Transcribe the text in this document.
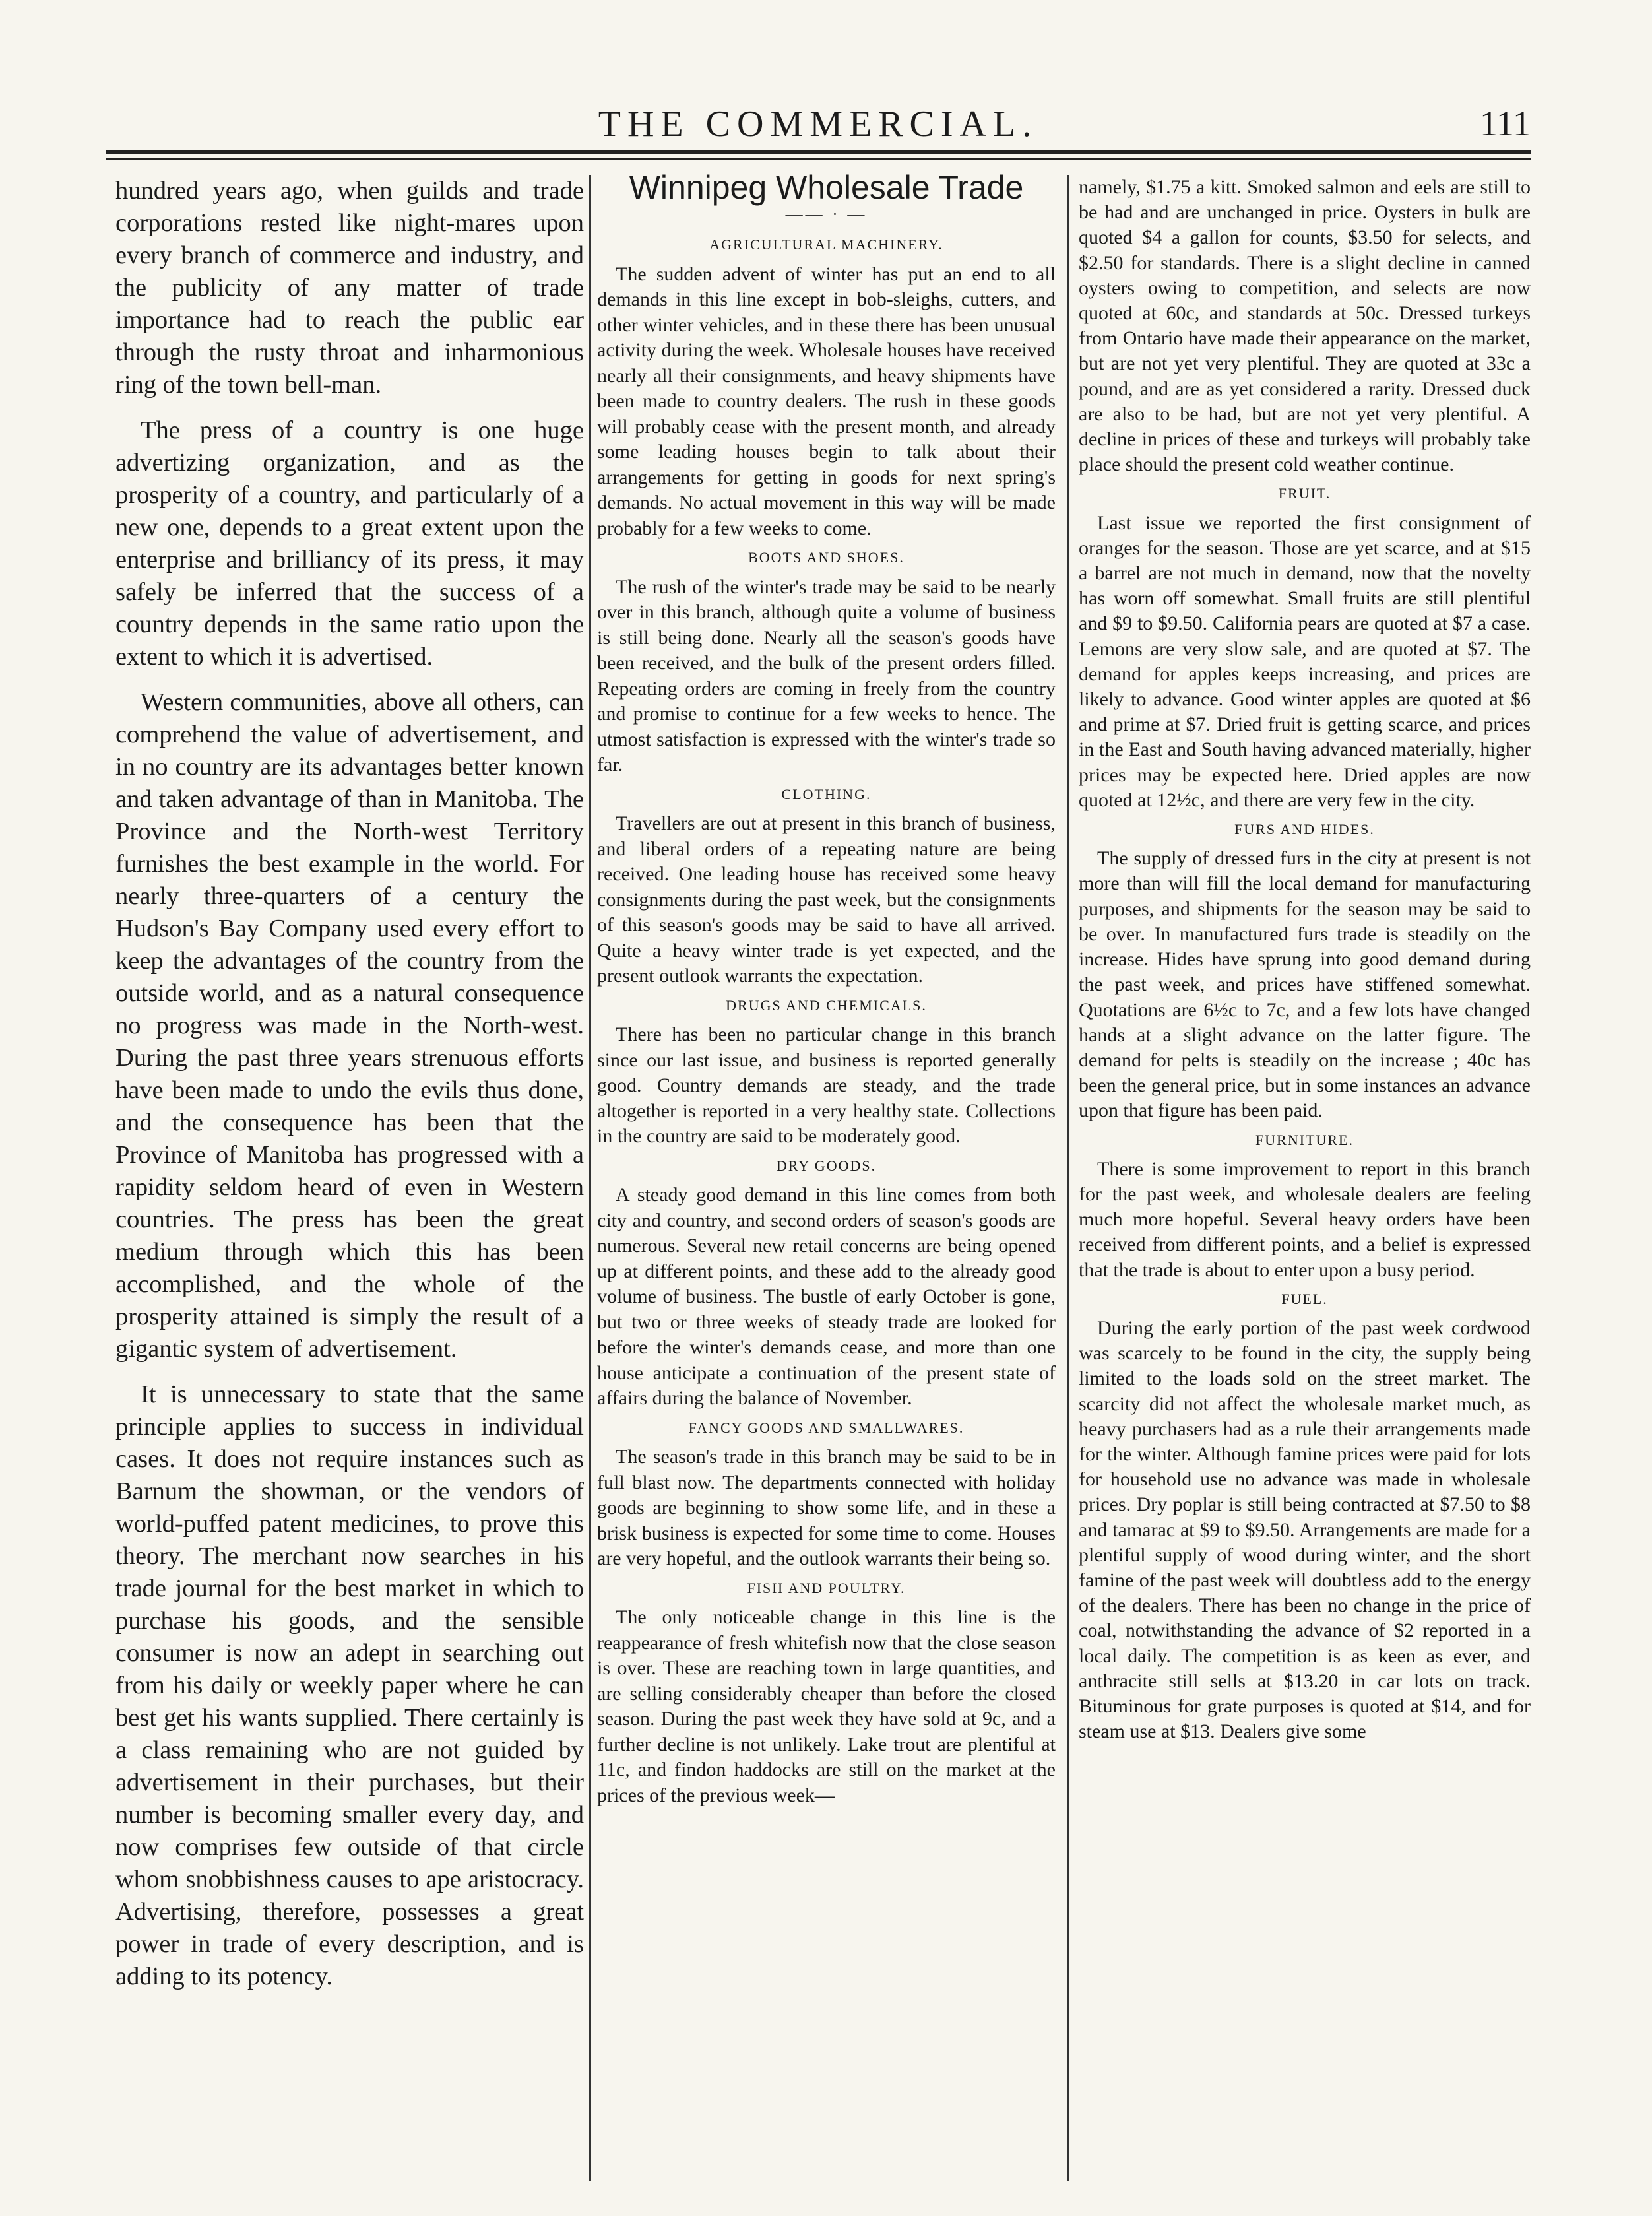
THE COMMERCIAL.	111

hundred years ago, when guilds and trade corporations rested like night-mares upon every branch of commerce and industry, and the publicity of any matter of trade importance had to reach the public ear through the rusty throat and inharmonious ring of the town bell-man.

The press of a country is one huge advertizing organization, and as the prosperity of a country, and particularly of a new one, depends to a great extent upon the enterprise and brilliancy of its press, it may safely be inferred that the success of a country depends in the same ratio upon the extent to which it is advertised.

Western communities, above all others, can comprehend the value of advertisement, and in no country are its advantages better known and taken advantage of than in Manitoba. The Province and the North-west Territory furnishes the best example in the world. For nearly three-quarters of a century the Hudson's Bay Company used every effort to keep the advantages of the country from the outside world, and as a natural consequence no progress was made in the North-west. During the past three years strenuous efforts have been made to undo the evils thus done, and the consequence has been that the Province of Manitoba has progressed with a rapidity seldom heard of even in Western countries. The press has been the great medium through which this has been accomplished, and the whole of the prosperity attained is simply the result of a gigantic system of advertisement.

It is unnecessary to state that the same principle applies to success in individual cases. It does not require instances such as Barnum the showman, or the vendors of world-puffed patent medicines, to prove this theory. The merchant now searches in his trade journal for the best market in which to purchase his goods, and the sensible consumer is now an adept in searching out from his daily or weekly paper where he can best get his wants supplied. There certainly is a class remaining who are not guided by advertisement in their purchases, but their number is becoming smaller every day, and now comprises few outside of that circle whom snobbishness causes to ape aristocracy. Advertising, therefore, possesses a great power in trade of every description, and is adding to its potency.

Winnipeg Wholesale Trade
—— · —
AGRICULTURAL MACHINERY.

The sudden advent of winter has put an end to all demands in this line except in bob-sleighs, cutters, and other winter vehicles, and in these there has been unusual activity during the week. Wholesale houses have received nearly all their consignments, and heavy shipments have been made to country dealers. The rush in these goods will probably cease with the present month, and already some leading houses begin to talk about their arrangements for getting in goods for next spring's demands. No actual movement in this way will be made probably for a few weeks to come.

BOOTS AND SHOES.

The rush of the winter's trade may be said to be nearly over in this branch, although quite a volume of business is still being done. Nearly all the season's goods have been received, and the bulk of the present orders filled. Repeating orders are coming in freely from the country and promise to continue for a few weeks to hence. The utmost satisfaction is expressed with the winter's trade so far.

CLOTHING.

Travellers are out at present in this branch of business, and liberal orders of a repeating nature are being received. One leading house has received some heavy consignments during the past week, but the consignments of this season's goods may be said to have all arrived. Quite a heavy winter trade is yet expected, and the present outlook warrants the expectation.

DRUGS AND CHEMICALS.

There has been no particular change in this branch since our last issue, and business is reported generally good. Country demands are steady, and the trade altogether is reported in a very healthy state. Collections in the country are said to be moderately good.

DRY GOODS.

A steady good demand in this line comes from both city and country, and second orders of season's goods are numerous. Several new retail concerns are being opened up at different points, and these add to the already good volume of business. The bustle of early October is gone, but two or three weeks of steady trade are looked for before the winter's demands cease, and more than one house anticipate a continuation of the present state of affairs during the balance of November.

FANCY GOODS AND SMALLWARES.

The season's trade in this branch may be said to be in full blast now. The departments connected with holiday goods are beginning to show some life, and in these a brisk business is expected for some time to come. Houses are very hopeful, and the outlook warrants their being so.

FISH AND POULTRY.

The only noticeable change in this line is the reappearance of fresh whitefish now that the close season is over. These are reaching town in large quantities, and are selling considerably cheaper than before the closed season. During the past week they have sold at 9c, and a further decline is not unlikely. Lake trout are plentiful at 11c, and findon haddocks are still on the market at the prices of the previous week—

namely, $1.75 a kitt. Smoked salmon and eels are still to be had and are unchanged in price. Oysters in bulk are quoted $4 a gallon for counts, $3.50 for selects, and $2.50 for standards. There is a slight decline in canned oysters owing to competition, and selects are now quoted at 60c, and standards at 50c. Dressed turkeys from Ontario have made their appearance on the market, but are not yet very plentiful. They are quoted at 33c a pound, and are as yet considered a rarity. Dressed duck are also to be had, but are not yet very plentiful. A decline in prices of these and turkeys will probably take place should the present cold weather continue.

FRUIT.

Last issue we reported the first consignment of oranges for the season. Those are yet scarce, and at $15 a barrel are not much in demand, now that the novelty has worn off somewhat. Small fruits are still plentiful and $9 to $9.50. California pears are quoted at $7 a case. Lemons are very slow sale, and are quoted at $7. The demand for apples keeps increasing, and prices are likely to advance. Good winter apples are quoted at $6 and prime at $7. Dried fruit is getting scarce, and prices in the East and South having advanced materially, higher prices may be expected here. Dried apples are now quoted at 12½c, and there are very few in the city.

FURS AND HIDES.

The supply of dressed furs in the city at present is not more than will fill the local demand for manufacturing purposes, and shipments for the season may be said to be over. In manufactured furs trade is steadily on the increase. Hides have sprung into good demand during the past week, and prices have stiffened somewhat. Quotations are 6½c to 7c, and a few lots have changed hands at a slight advance on the latter figure. The demand for pelts is steadily on the increase ; 40c has been the general price, but in some instances an advance upon that figure has been paid.

FURNITURE.

There is some improvement to report in this branch for the past week, and wholesale dealers are feeling much more hopeful. Several heavy orders have been received from different points, and a belief is expressed that the trade is about to enter upon a busy period.

FUEL.

During the early portion of the past week cordwood was scarcely to be found in the city, the supply being limited to the loads sold on the street market. The scarcity did not affect the wholesale market much, as heavy purchasers had as a rule their arrangements made for the winter. Although famine prices were paid for lots for household use no advance was made in wholesale prices. Dry poplar is still being contracted at $7.50 to $8 and tamarac at $9 to $9.50. Arrangements are made for a plentiful supply of wood during winter, and the short famine of the past week will doubtless add to the energy of the dealers. There has been no change in the price of coal, notwithstanding the advance of $2 reported in a local daily. The competition is as keen as ever, and anthracite still sells at $13.20 in car lots on track. Bituminous for grate purposes is quoted at $14, and for steam use at $13. Dealers give some
